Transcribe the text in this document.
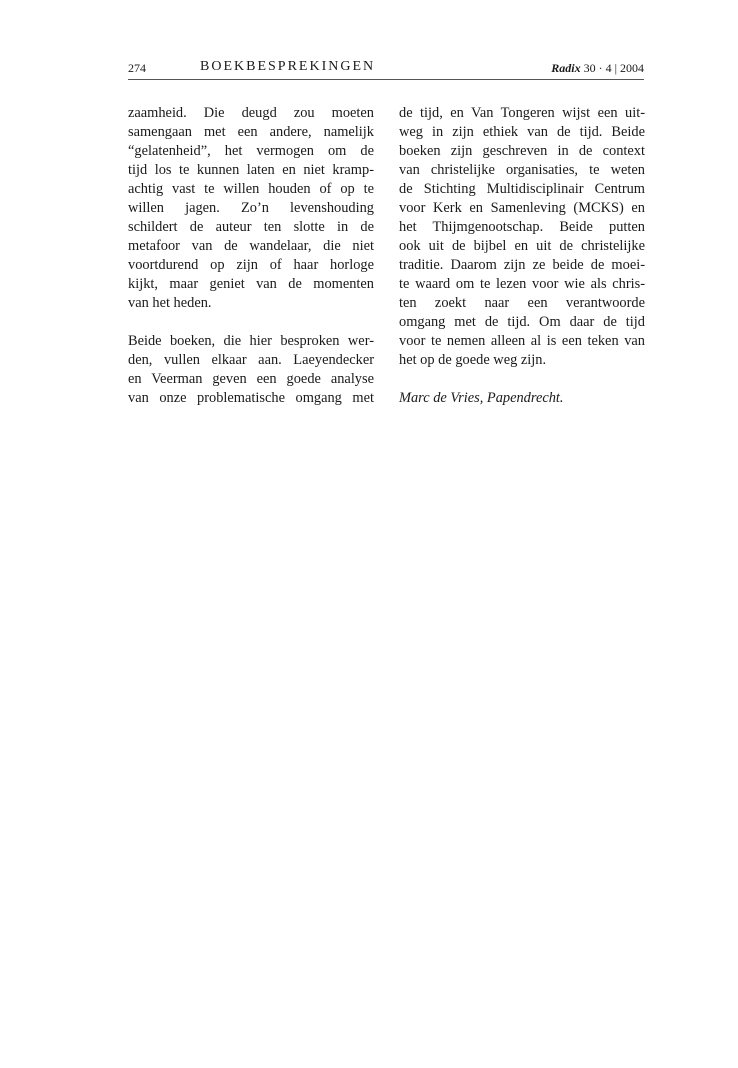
274	BOEKBESPREKINGEN	Radix 30 · 4 | 2004
zaamheid. Die deugd zou moeten
samengaan met een andere, namelijk
“gelatenheid”, het vermogen om de
tijd los te kunnen laten en niet kramp-
achtig vast te willen houden of op te
willen jagen. Zo’n levenshouding
schildert de auteur ten slotte in de
metafoor van de wandelaar, die niet
voortdurend op zijn of haar horloge
kijkt, maar geniet van de momenten
van het heden.
Beide boeken, die hier besproken wer-
den, vullen elkaar aan. Laeyendecker
en Veerman geven een goede analyse
van onze problematische omgang met
de tijd, en Van Tongeren wijst een uit-
weg in zijn ethiek van de tijd. Beide
boeken zijn geschreven in de context
van christelijke organisaties, te weten
de Stichting Multidisciplinair Centrum
voor Kerk en Samenleving (MCKS) en
het Thijmgenootschap. Beide putten
ook uit de bijbel en uit de christelijke
traditie. Daarom zijn ze beide de moei-
te waard om te lezen voor wie als chris-
ten zoekt naar een verantwoorde
omgang met de tijd. Om daar de tijd
voor te nemen alleen al is een teken van
het op de goede weg zijn.
Marc de Vries, Papendrecht.
